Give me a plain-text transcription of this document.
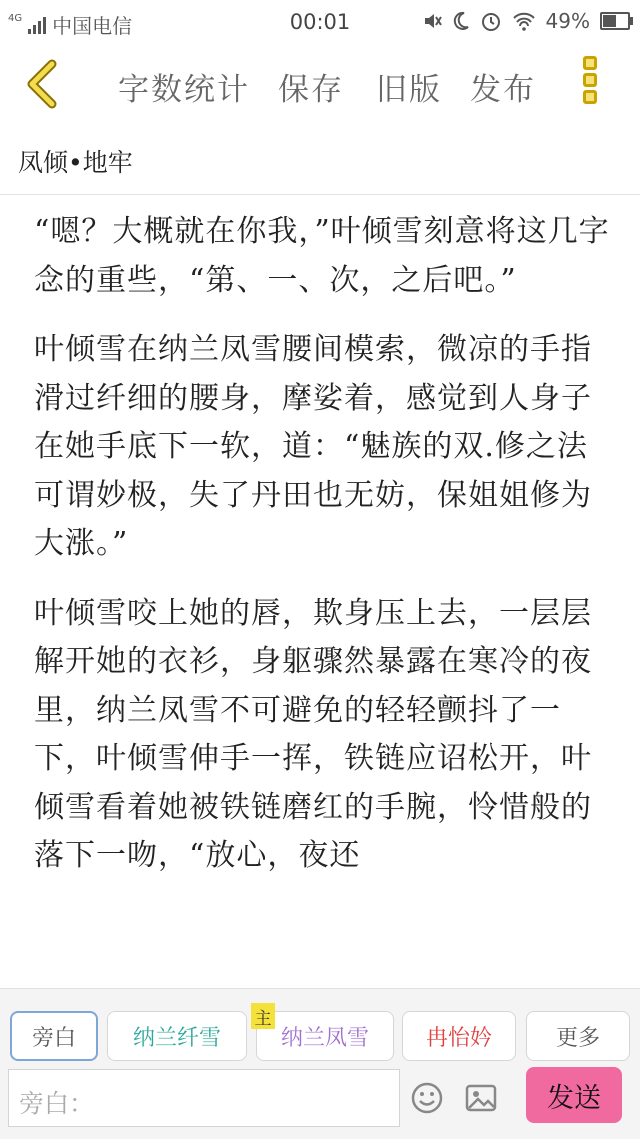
4G 中国电信	00:01	49%
字数统计 保存 旧版 发布
凤倾•地牢

“嗯？大概就在你我，”叶倾雪刻意将这几字念的重些，“第、一、次，之后吧。”

叶倾雪在纳兰凤雪腰间模索，微凉的手指滑过纤细的腰身，摩娑着，感觉到人身子在她手底下一软，道：“魅族的双.修之法可谓妙极，失了丹田也无妨，保姐姐修为大涨。”

叶倾雪咬上她的唇，欺身压上去，一层层解开她的衣衫，身躯骤然暴露在寒冷的夜里，纳兰凤雪不可避免的轻轻颤抖了一下，叶倾雪伸手一挥，铁链应诏松开，叶倾雪看着她被铁链磨红的手腕，怜惜般的落下一吻，“放心，夜还

旁白	纳兰纤雪	纳兰凤雪
主
冉怡妗	更多
旁白：	发送
